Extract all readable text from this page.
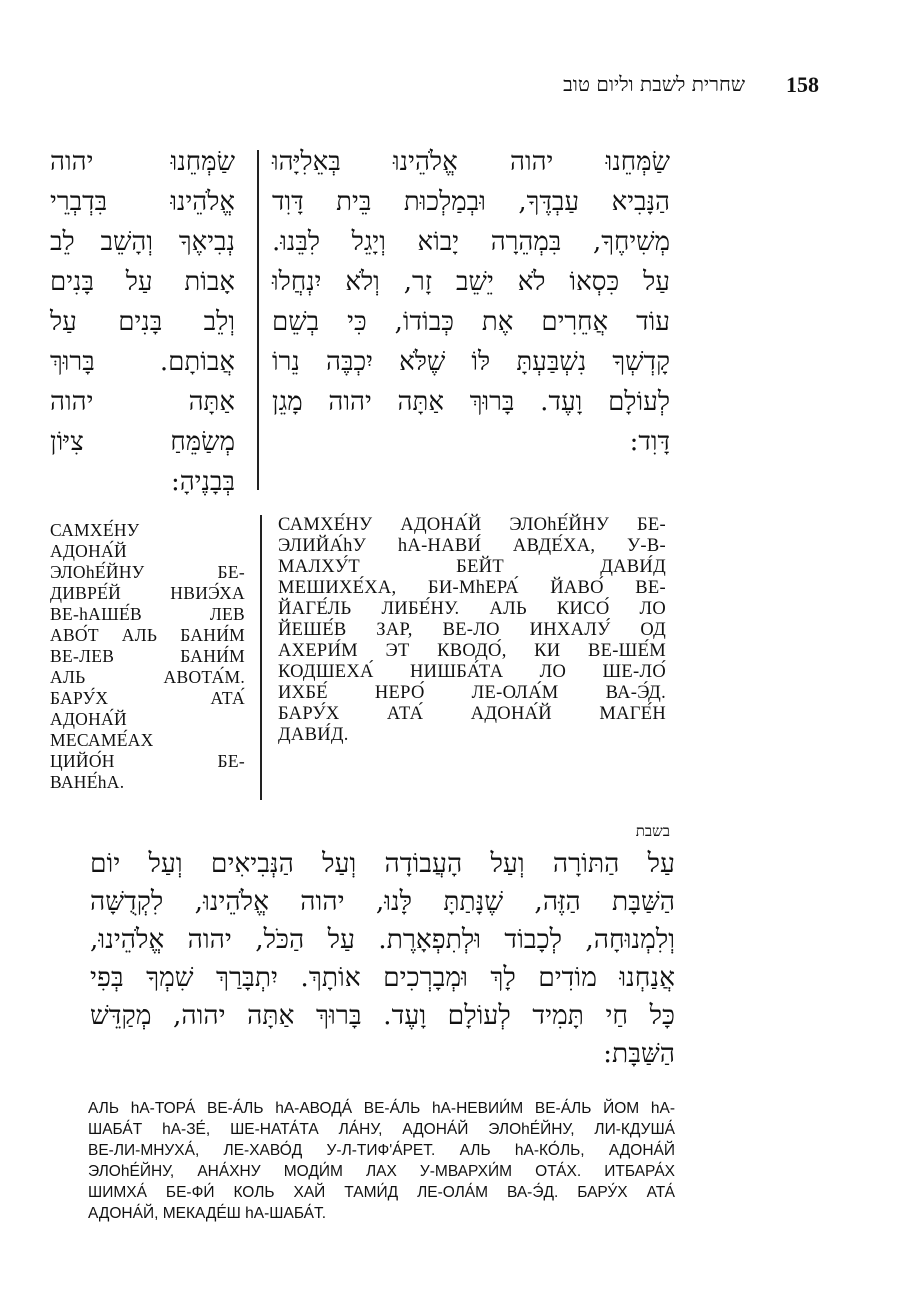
שחרית לשבת וליום טוב 158
שַׂמְּחֵנוּ יהוה אֱלֹהֵינוּ בְּאֵלִיָּהוּ
הַנָּבִיא עַבְדֶּךָ, וּבְמַלְכוּת בֵּית דָּוִד
מְשִׁיחֶךָ, בִּמְהֵרָה יָבוֹא וְיָגֵל לִבֵּנוּ.
עַל כִּסְאוֹ לֹא יֵשֵׁב זָר, וְלֹא יִנְחֲלוּ
עוֹד אֲחֵרִים אֶת כְּבוֹדוֹ, כִּי בְשֵׁם
קָדְשְׁךָ נִשְׁבַּעְתָּ לּוֹ שֶׁלֹּא יִכְבֶּה נֵרוֹ
לְעוֹלָם וָעֶד. בָּרוּךְ אַתָּה יהוה מָגֵן
דָּוִד:
שַׂמְּחֵנוּ יהוה
אֱלֹהֵינוּ בִּדְבְרֵי
נְבִיאֶךָ וְהָשֵׁב לֵב
אָבוֹת עַל בָּנִים
וְלֵב בָּנִים עַל
אֲבוֹתָם. בָּרוּךְ
אַתָּה יהוה
מְשַׂמֵּחַ צִיּוֹן
בְּבָנֶיהָ:
САМХЕ́НУ
АДОНА́Й
ЭЛОhЕ́ЙНУ БЕ-
ДИВРЕ́Й НВИЭ́ХА
ВЕ-hАШЕ́В ЛЕВ
АВО́Т АЛЬ БАНИ́М
ВЕ-ЛЕВ БАНИ́М
АЛЬ АВОТА́М.
БАРУ́Х АТА́
АДОНА́Й
МЕСАМЕ́АХ
ЦИЙО́Н БЕ-
ВАНЕ́hА.
САМХЕ́НУ АДОНА́Й ЭЛОhЕ́ЙНУ БЕ-
ЭЛИЙА́hУ hА-НАВИ́ АВДЕ́ХА, У-В-
МАЛХУ́Т БЕЙТ ДАВИ́Д
МЕШИХЕ́ХА, БИ-МhЕРА́ ЙАВО́ ВЕ-
ЙАГЕ́ЛЬ ЛИБЕ́НУ. АЛЬ КИСО́ ЛО
ЙЕШЕ́В ЗАР, ВЕ-ЛО ИНХАЛУ́ ОД
АХЕРИ́М ЭТ КВОДО́, КИ ВЕ-ШЕ́М
КОДШЕХА́ НИШБА́ТА ЛО ШЕ-ЛО́
ИХБЕ́ НЕРО́ ЛЕ-ОЛА́М ВА-Э́Д.
БАРУ́Х АТА́ АДОНА́Й МАГЕ́Н
ДАВИ́Д.
בשבת
עַל הַתּוֹרָה וְעַל הָעֲבוֹדָה וְעַל הַנְּבִיאִים וְעַל יוֹם
הַשַּׁבָּת הַזֶּה, שֶׁנָּתַתָּ לָּנוּ, יהוה אֱלֹהֵינוּ, לִקְדֻשָּׁה
וְלִמְנוּחָה, לְכָבוֹד וּלְתִפְאָרֶת. עַל הַכֹּל, יהוה אֱלֹהֵינוּ,
אֲנַחְנוּ מוֹדִים לָךְ וּמְבָרְכִים אוֹתָךְ. יִתְבָּרַךְ שִׁמְךָ בְּפִי
כָּל חַי תָּמִיד לְעוֹלָם וָעֶד. בָּרוּךְ אַתָּה יהוה, מְקַדֵּשׁ
הַשַּׁבָּת:
АЛЬ hА-ТОРА́ ВЕ-А́ЛЬ hА-АВОДА́ ВЕ-А́ЛЬ hА-НЕВИИ́М ВЕ-А́ЛЬ ЙОМ hА-
ШАБА́Т hА-ЗЕ́, ШЕ-НАТА́ТА ЛА́НУ, АДОНА́Й ЭЛОhЕ́ЙНУ, ЛИ-КДУША́
ВЕ-ЛИ-МНУХА́, ЛЕ-ХАВО́Д У-Л-ТИФ'А́РЕТ. АЛЬ hА-КО́ЛЬ, АДОНА́Й
ЭЛОhЕ́ЙНУ, АНА́ХНУ МОДИ́М ЛАХ У-МВАРХИ́М ОТА́Х. ИТБАРА́Х
ШИМХА́ БЕ-ФИ́ КОЛЬ ХАЙ ТАМИ́Д ЛЕ-ОЛА́М ВА-Э́Д. БАРУ́Х АТА́
АДОНА́Й, МЕКАДЕ́Ш hА-ШАБА́Т.
